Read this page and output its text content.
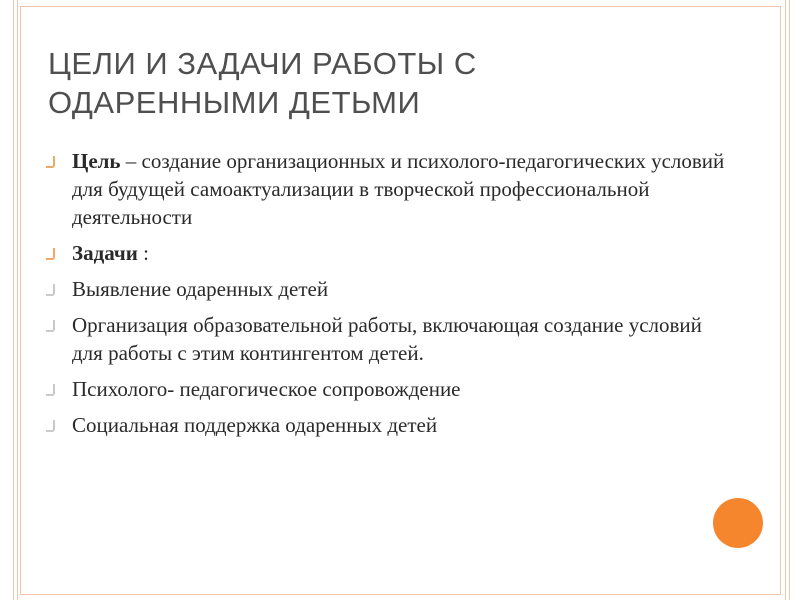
ЦЕЛИ И ЗАДАЧИ РАБОТЫ С
ОДАРЕННЫМИ ДЕТЬМИ
Цель – создание организационных и психолого-педагогических условий для будущей самоактуализации в творческой профессиональной деятельности
Задачи :
Выявление одаренных детей
Организация образовательной работы, включающая создание условий для работы с этим контингентом детей.
Психолого- педагогическое сопровождение
Социальная поддержка одаренных детей
